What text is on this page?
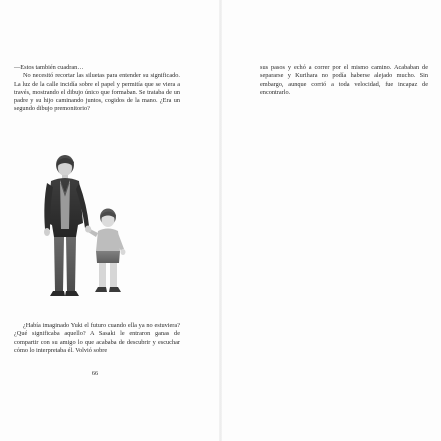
—Estos también cuadran…

No necesitó recortar las siluetas para entender su significado. La luz de la calle incidía sobre el papel y permitía que se viera a través, mostrando el dibujo único que formaban. Se trataba de un padre y su hijo caminando juntos, cogidos de la mano. ¿Era un segundo dibujo premonitorio?

¿Había imaginado Yuki el futuro cuando ella ya no estuviera? ¿Qué significaba aquello? A Sasaki le entraron ganas de compartir con su amigo lo que acababa de descubrir y escuchar cómo lo interpretaba él. Volvió sobre

66

sus pasos y echó a correr por el mismo camino. Acababan de separarse y Kurihara no podía haberse alejado mucho. Sin embargo, aunque corrió a toda velocidad, fue incapaz de encontrarlo.
